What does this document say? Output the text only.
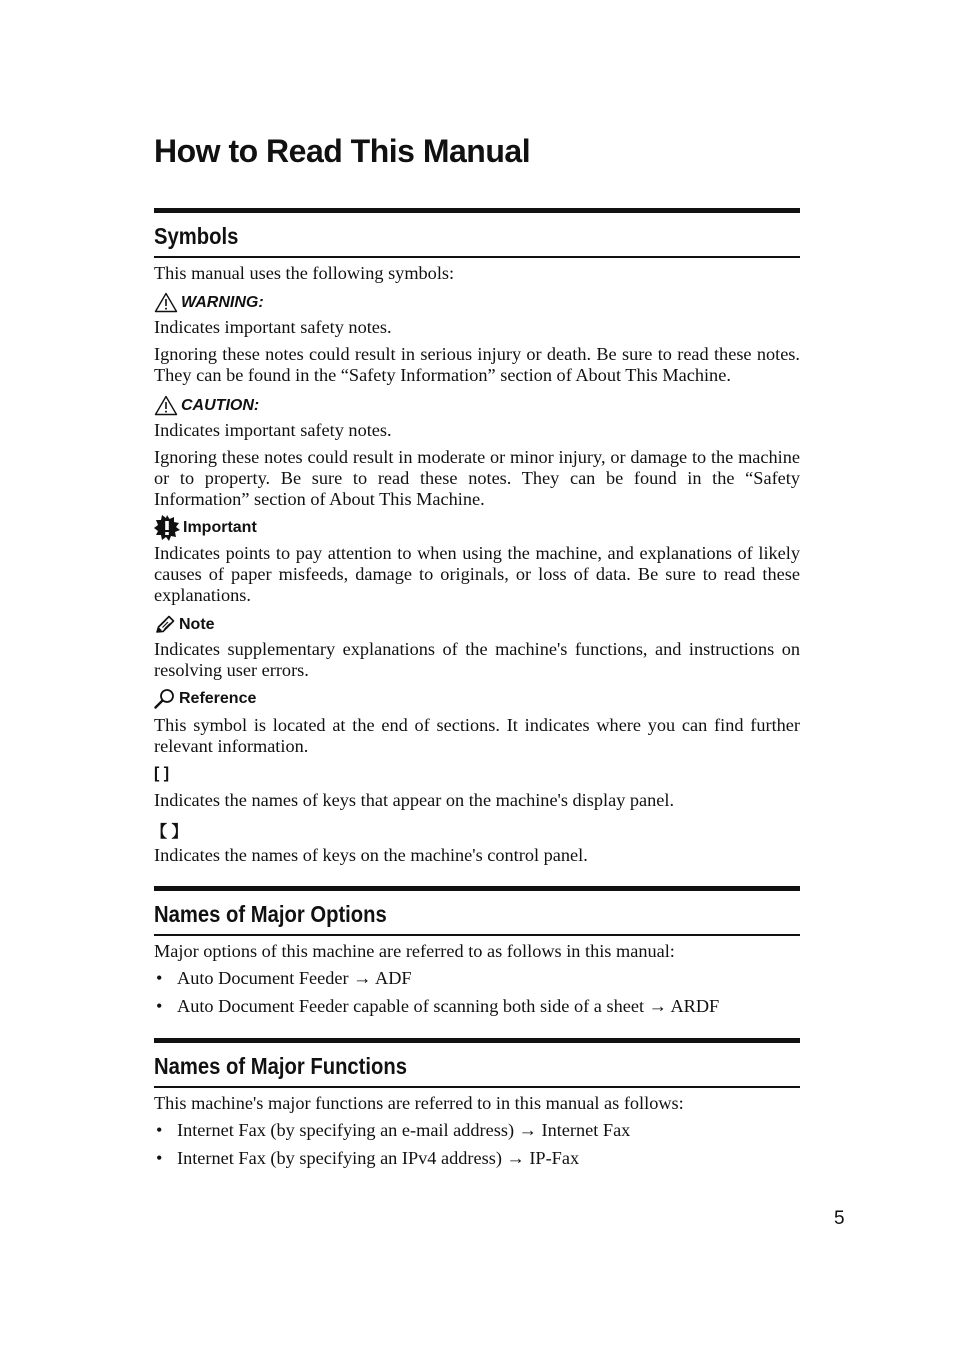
How to Read This Manual
Symbols

This manual uses the following symbols:

WARNING:

Indicates important safety notes.

Ignoring these notes could result in serious injury or death. Be sure to read these notes. They can be found in the “Safety Information” section of About This Machine.

CAUTION:

Indicates important safety notes.

Ignoring these notes could result in moderate or minor injury, or damage to the machine or to property. Be sure to read these notes. They can be found in the “Safety Information” section of About This Machine.

Important

Indicates points to pay attention to when using the machine, and explanations of likely causes of paper misfeeds, damage to originals, or loss of data. Be sure to read these explanations.

Note

Indicates supplementary explanations of the machine's functions, and instructions on resolving user errors.

Reference

This symbol is located at the end of sections. It indicates where you can find further relevant information.

[ ]

Indicates the names of keys that appear on the machine's display panel.

【 】

Indicates the names of keys on the machine's control panel.

Names of Major Options

Major options of this machine are referred to as follows in this manual:

• Auto Document Feeder → ADF
• Auto Document Feeder capable of scanning both side of a sheet → ARDF
Names of Major Functions

This machine's major functions are referred to in this manual as follows:

• Internet Fax (by specifying an e-mail address) → Internet Fax
• Internet Fax (by specifying an IPv4 address) → IP-Fax
5
